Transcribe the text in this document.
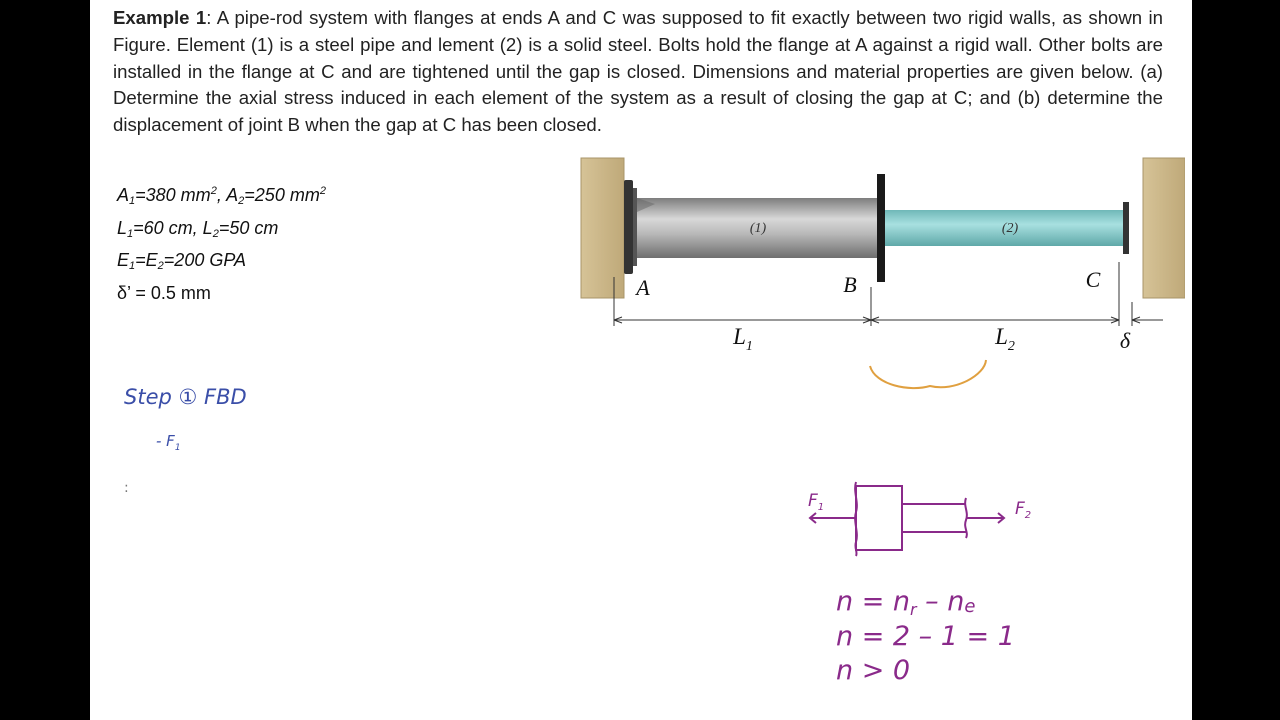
Example 1: A pipe-rod system with flanges at ends A and C was supposed to fit exactly between two rigid walls, as shown in Figure. Element (1) is a steel pipe and lement (2) is a solid steel. Bolts hold the flange at A against a rigid wall. Other bolts are installed in the flange at C and are tightened until the gap is closed. Dimensions and material properties are given below. (a) Determine the axial stress induced in each element of the system as a result of closing the gap at C; and (b) determine the displacement of joint B when the gap at C has been closed.

$A_1=380$ $mm^2$, $A_2=250$ $mm^2$
$L_1=60$ cm, $L_2=50$ cm
$E_1=E_2=200$ GPA
δ’ = 0.5 mm
(1)	(2)
A	B	C
$L_1$	$L_2$	δ
Step ① FBD
- $F_1$
:
$F_1$	$F_2$
n = nr – ne
n = 2 – 1 = 1
n > 0
